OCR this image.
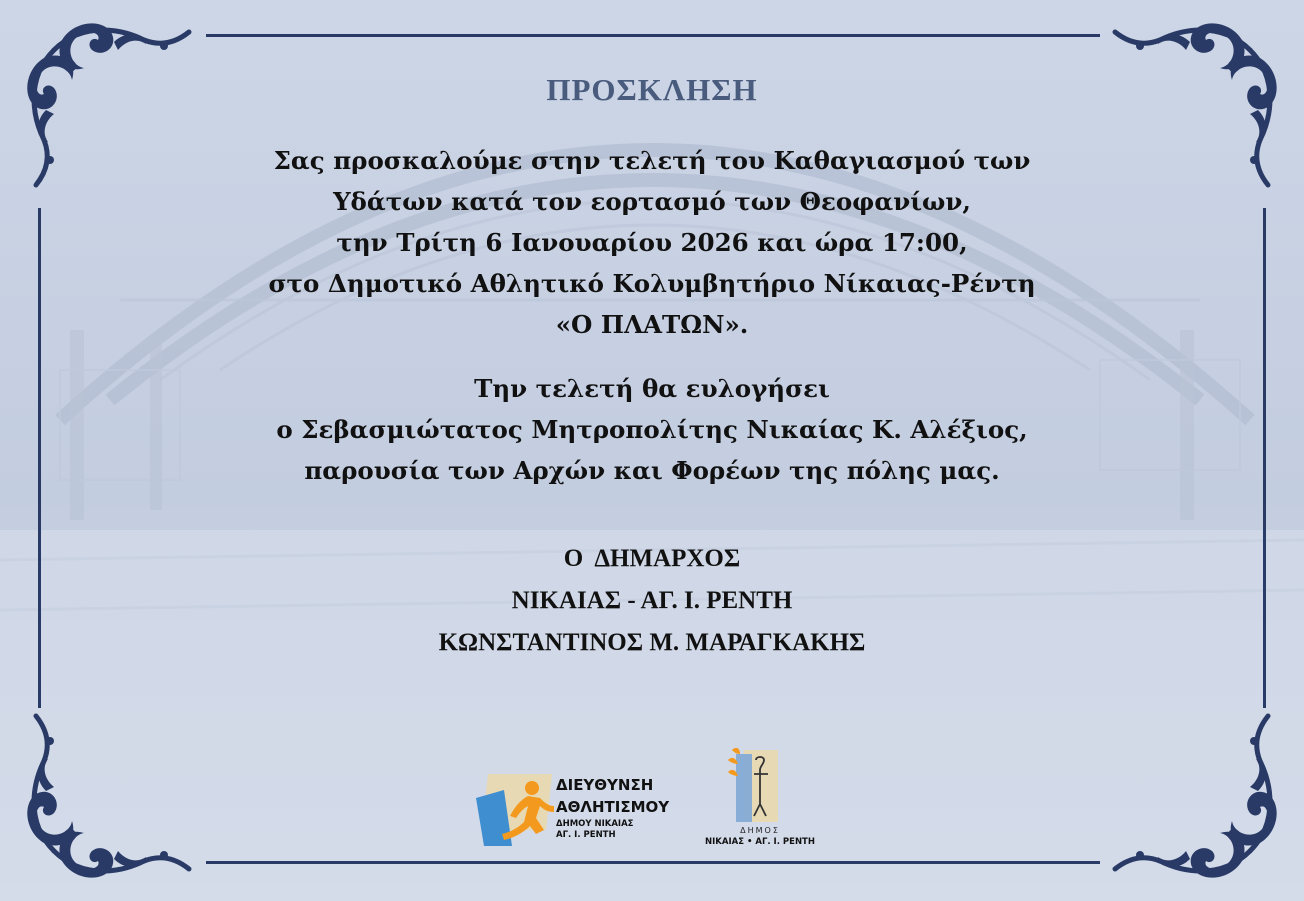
ΠΡΟΣΚΛΗΣΗ
Σας προσκαλούμε στην τελετή του Καθαγιασμού των
Υδάτων κατά τον εορτασμό των Θεοφανίων,
την Τρίτη 6 Ιανουαρίου 2026 και ώρα 17:00,
στο Δημοτικό Αθλητικό Κολυμβητήριο Νίκαιας-Ρέντη
«Ο ΠΛΑΤΩΝ».
Την τελετή θα ευλογήσει
ο Σεβασμιώτατος Μητροπολίτης Νικαίας Κ. Αλέξιος,
παρουσία των Αρχών και Φορέων της πόλης μας.
Ο  ΔΗΜΑΡΧΟΣ
ΝΙΚΑΙΑΣ - ΑΓ. Ι. ΡΕΝΤΗ
ΚΩΝΣΤΑΝΤΙΝΟΣ Μ. ΜΑΡΑΓΚΑΚΗΣ
ΔΙΕΥΘΥΝΣΗ
ΑΘΛΗΤΙΣΜΟΥ
ΔΗΜΟΥ ΝΙΚΑΙΑΣ
ΑΓ. Ι. ΡΕΝΤΗ	ΔΗΜΟΣ
ΝΙΚΑΙΑΣ • ΑΓ. Ι. ΡΕΝΤΗ
